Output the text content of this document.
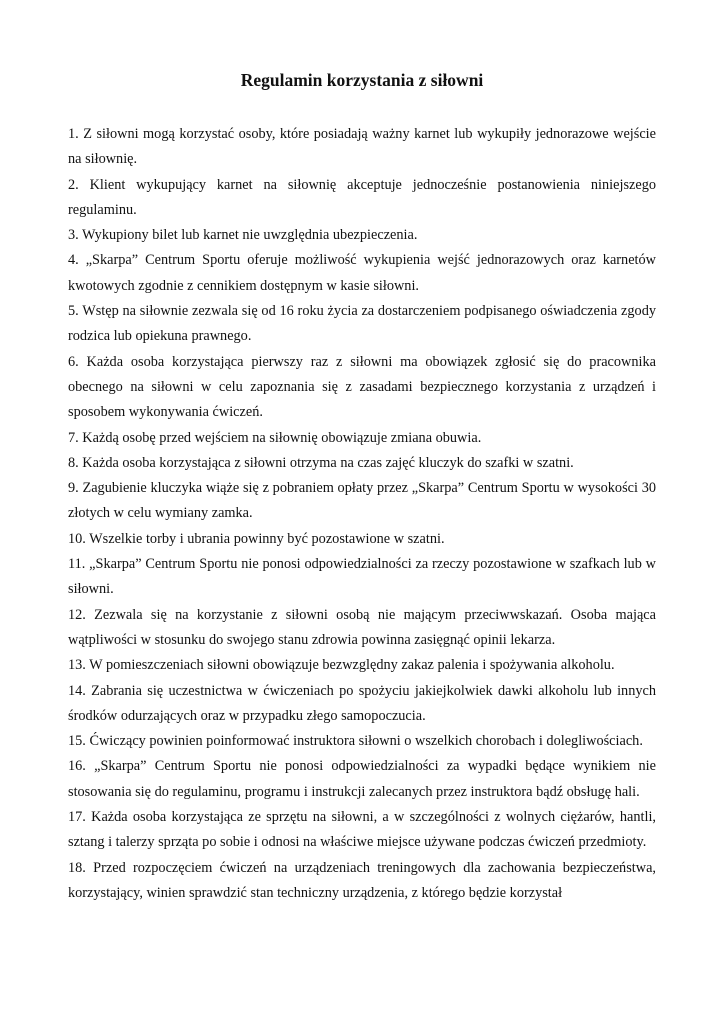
Regulamin korzystania z siłowni
1. Z siłowni mogą korzystać osoby, które posiadają ważny karnet lub wykupiły jednorazowe wejście na siłownię.
2. Klient wykupujący karnet na siłownię akceptuje jednocześnie postanowienia niniejszego regulaminu.
3. Wykupiony bilet lub karnet nie uwzględnia ubezpieczenia.
4. „Skarpa” Centrum Sportu oferuje możliwość wykupienia wejść jednorazowych oraz karnetów kwotowych zgodnie z cennikiem dostępnym w kasie siłowni.
5. Wstęp na siłownie zezwala się od 16 roku życia za dostarczeniem podpisanego oświadczenia zgody rodzica lub opiekuna prawnego.
6. Każda osoba korzystająca pierwszy raz z siłowni ma obowiązek zgłosić się do pracownika obecnego na siłowni w celu zapoznania się z zasadami bezpiecznego korzystania z urządzeń i sposobem wykonywania ćwiczeń.
7. Każdą osobę przed wejściem na siłownię obowiązuje zmiana obuwia.
8. Każda osoba korzystająca z siłowni otrzyma na czas zajęć kluczyk do szafki w szatni.
9. Zagubienie kluczyka wiąże się z pobraniem opłaty przez „Skarpa” Centrum Sportu w wysokości 30 złotych w celu wymiany zamka.
10. Wszelkie torby i ubrania powinny być pozostawione w szatni.
11. „Skarpa” Centrum Sportu nie ponosi odpowiedzialności za rzeczy pozostawione w szafkach lub w siłowni.
12. Zezwala się na korzystanie z siłowni osobą nie mającym przeciwwskazań. Osoba mająca wątpliwości w stosunku do swojego stanu zdrowia powinna zasięgnąć opinii lekarza.
13. W pomieszczeniach siłowni obowiązuje bezwzględny zakaz palenia i spożywania alkoholu.
14. Zabrania się uczestnictwa w ćwiczeniach po spożyciu jakiejkolwiek dawki alkoholu lub innych środków odurzających oraz w przypadku złego samopoczucia.
15. Ćwiczący powinien poinformować instruktora siłowni o wszelkich chorobach i dolegliwościach.
16. „Skarpa” Centrum Sportu nie ponosi odpowiedzialności za wypadki będące wynikiem nie stosowania się do regulaminu, programu i instrukcji zalecanych przez instruktora bądź obsługę hali.
17. Każda osoba korzystająca ze sprzętu na siłowni, a w szczególności z wolnych ciężarów, hantli, sztang i talerzy sprząta po sobie i odnosi na właściwe miejsce używane podczas ćwiczeń przedmioty.
18. Przed rozpoczęciem ćwiczeń na urządzeniach treningowych dla zachowania bezpieczeństwa, korzystający, winien sprawdzić stan techniczny urządzenia, z którego będzie korzystał
